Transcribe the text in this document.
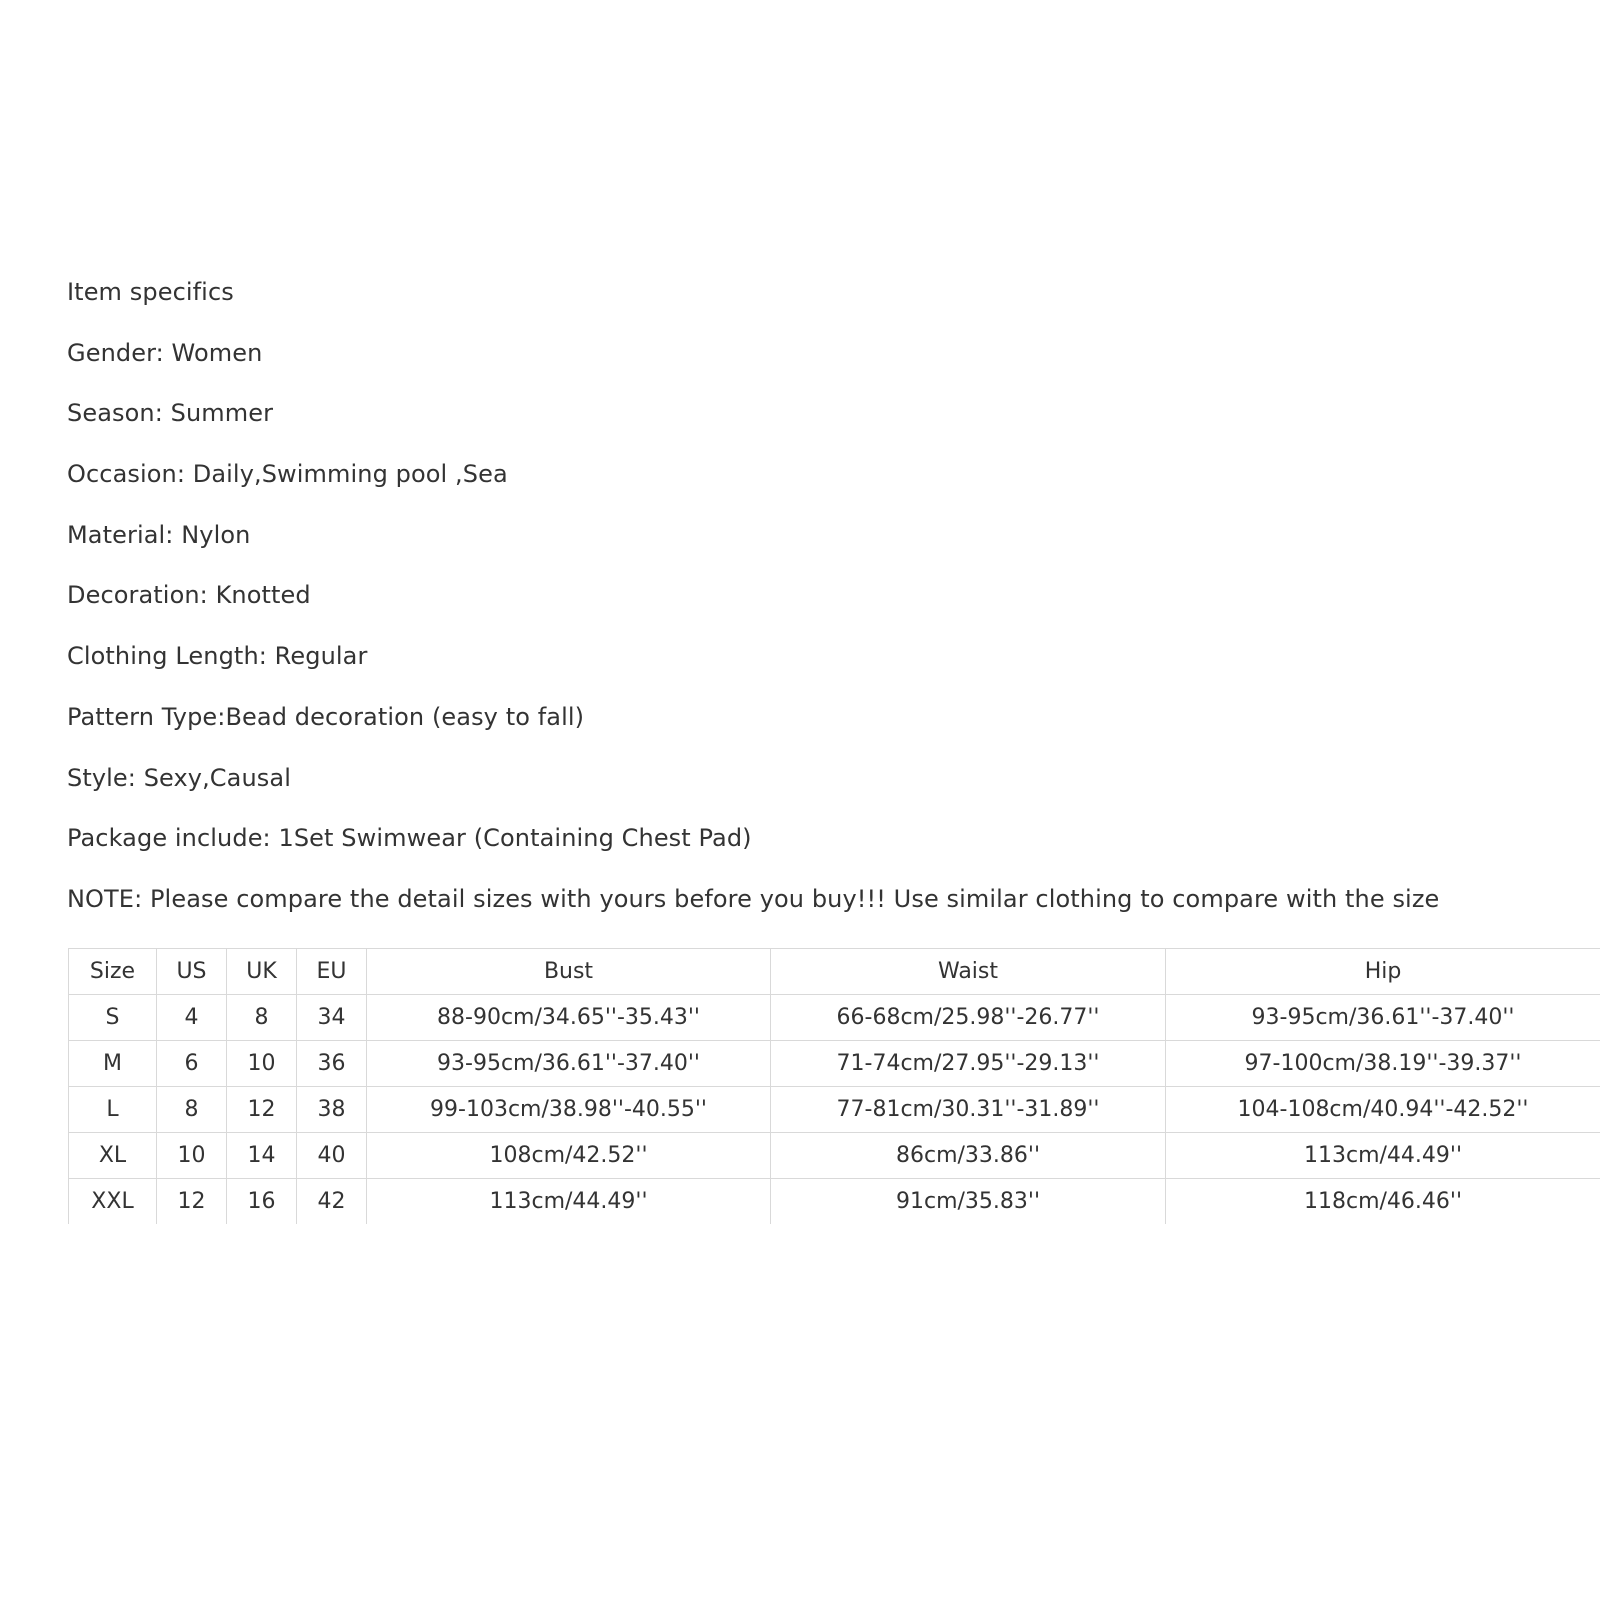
Item specifics
Gender: Women
Season: Summer
Occasion: Daily,Swimming pool ,Sea
Material: Nylon
Decoration: Knotted
Clothing Length: Regular
Pattern Type:Bead decoration (easy to fall)
Style: Sexy,Causal
Package include: 1Set Swimwear (Containing Chest Pad)
NOTE: Please compare the detail sizes with yours before you buy!!! Use similar clothing to compare with the size
Size	US	UK	EU	Bust	Waist	Hip
S	4	8	34	88-90cm/34.65''-35.43''	66-68cm/25.98''-26.77''	93-95cm/36.61''-37.40''
M	6	10	36	93-95cm/36.61''-37.40''	71-74cm/27.95''-29.13''	97-100cm/38.19''-39.37''
L	8	12	38	99-103cm/38.98''-40.55''	77-81cm/30.31''-31.89''	104-108cm/40.94''-42.52''
XL	10	14	40	108cm/42.52''	86cm/33.86''	113cm/44.49''
XXL	12	16	42	113cm/44.49''	91cm/35.83''	118cm/46.46''
